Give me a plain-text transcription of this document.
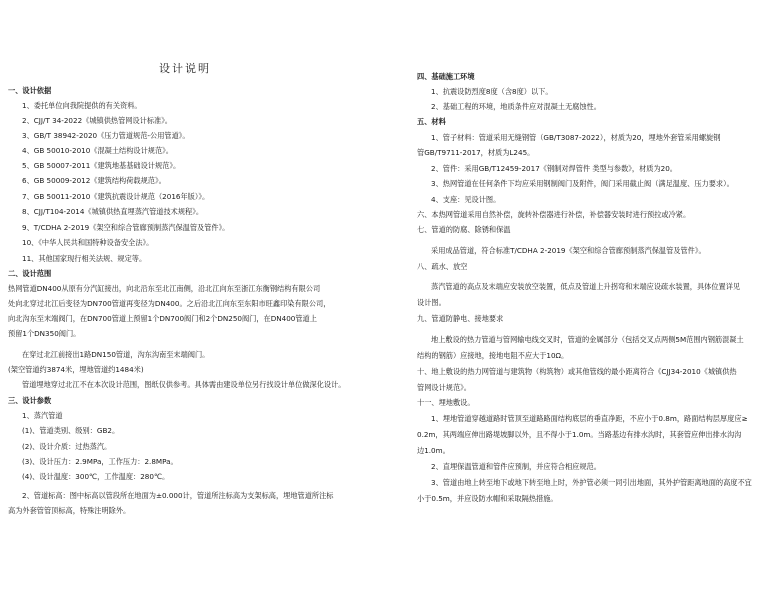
设计说明
一、设计依据
1、委托单位向我院提供的有关资料。
2、CJJ/T 34-2022《城镇供热管网设计标准》。
3、GB/T 38942-2020《压力管道规范-公用管道》。
4、GB 50010-2010《混凝土结构设计规范》。
5、GB 50007-2011《建筑地基基础设计规范》。
6、GB 50009-2012《建筑结构荷载规范》。
7、GB 50011-2010《建筑抗震设计规范（2016年版）》。
8、CJJ/T104-2014《城镇供热直埋蒸汽管道技术规程》。
9、T/CDHA 2-2019《架空和综合管廊预制蒸汽保温管及管件》。
10、《中华人民共和国特种设备安全法》。
11、其他国家现行相关法规、规定等。
二、设计范围
热网管道DN400从原有分汽缸接出，向北沿东至北江南侧，沿北江向东至浙江东衡钢结构有限公司
处向北穿过北江后变径为DN700管道再变径为DN400。之后沿北江向东至东阳市旺鑫印染有限公司，
向北沟东至末端阀门，在DN700管道上预留1个DN700阀门和2个DN250阀门，在DN400管道上
预留1个DN350阀门。
在穿过北江前接出1路DN150管道，沟东沟南至末端阀门。
(架空管道约3874米，埋地管道约1484米)
管道埋地穿过北江不在本次设计范围，图纸仅供参考。具体需由建设单位另行找设计单位做深化设计。
三、设计参数
1、蒸汽管道
(1)、管道类别、级别：GB2。
(2)、设计介质：过热蒸汽。
(3)、设计压力：2.9MPa，工作压力：2.8MPa。
(4)、设计温度：300℃，工作温度：280℃。
2、管道标高：图中标高以管段所在地面为±0.000计，管道所注标高为支架标高，埋地管道所注标
高为外套管管顶标高，特殊注明除外。
四、基础施工环境
1、抗震设防烈度8度（含8度）以下。
2、基础工程的环境，地质条件应对混凝土无腐蚀性。
五、材料
1、管子材料：管道采用无缝钢管（GB/T3087-2022），材质为20，埋地外套管采用螺旋钢
管GB/T9711-2017，材质为L245。
2、管件：采用GB/T12459-2017《钢制对焊管件 类型与参数》，材质为20。
3、热网管道在任何条件下均应采用钢制阀门及附件，阀门采用截止阀（满足温度、压力要求）。
4、支座：见设计图。
六、本热网管道采用自然补偿，旋转补偿器进行补偿，补偿器安装时进行预拉或冷紧。
七、管道的防腐、除锈和保温
采用成品管道，符合标准T/CDHA 2-2019《架空和综合管廊预制蒸汽保温管及管件》。
八、疏水、放空
蒸汽管道的高点及末端应安装放空装置，低点及管道上升拐弯和末端应设疏水装置，具体位置详见
设计图。
九、管道防静电、接地要求
地上敷设的热力管道与管网输电线交叉时，管道的金属部分（包括交叉点两侧5M范围内钢筋混凝土
结构的钢筋）应接地，接地电阻不应大于10Ω。
十、地上敷设的热力网管道与建筑物（构筑物）或其他管线的最小距离符合《CJJ34-2010《城镇供热
管网设计规范》。
十一、埋地敷设。
1、埋地管道穿越道路时管顶至道路路面结构底层的垂直净距，不应小于0.8m，路面结构层厚度应≥
0.2m，其两端应伸出路堤坡脚以外，且不得小于1.0m。当路基边有排水沟时，其套管应伸出排水沟沟
边1.0m。
2、直埋保温管道和管件应预制，并应符合相应规范。
3、管道由地上转至地下或地下转至地上时，外护管必须一同引出地面，其外护管距离地面的高度不宜
小于0.5m，并应设防水帽和采取隔热措施。
